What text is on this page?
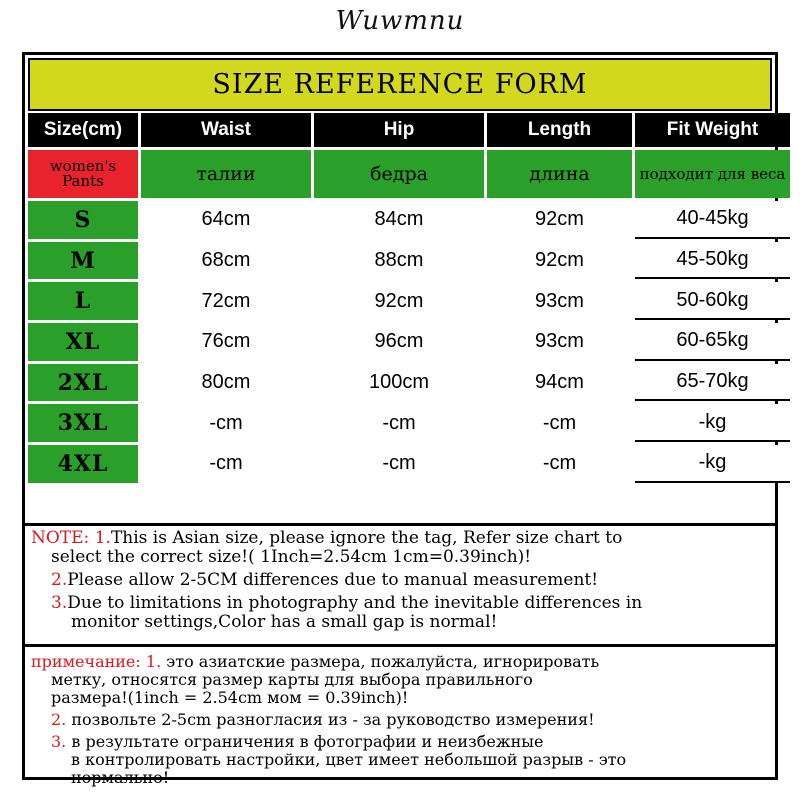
Wuwmnu
SIZE REFERENCE FORM
Size(cm)	Waist	Hip	Length	Fit Weight
women's Pants	талии	бедра	длина	подходит для веса
S	64cm	84cm	92cm	40-45kg
M	68cm	88cm	92cm	45-50kg
L	72cm	92cm	93cm	50-60kg
XL	76cm	96cm	93cm	60-65kg
2XL	80cm	100cm	94cm	65-70kg
3XL	-cm	-cm	-cm	-kg
4XL	-cm	-cm	-cm	-kg
NOTE: 1.This is Asian size, please ignore the tag, Refer size chart to
select the correct size!( 1Inch=2.54cm 1cm=0.39inch)!
2.Please allow 2-5CM differences due to manual measurement!
3.Due to limitations in photography and the inevitable differences in
monitor settings,Color has a small gap is normal!
примечание: 1. это азиатские размера, пожалуйста, игнорировать
метку, относятся размер карты для выбора правильного
размера!(1inch = 2.54cm мом = 0.39inch)!
2. позвольте 2-5cm разногласия из - за руководство измерения!
3. в результате ограничения в фотографии и неизбежные
в контролировать настройки, цвет имеет небольшой разрыв - это
нормально!
